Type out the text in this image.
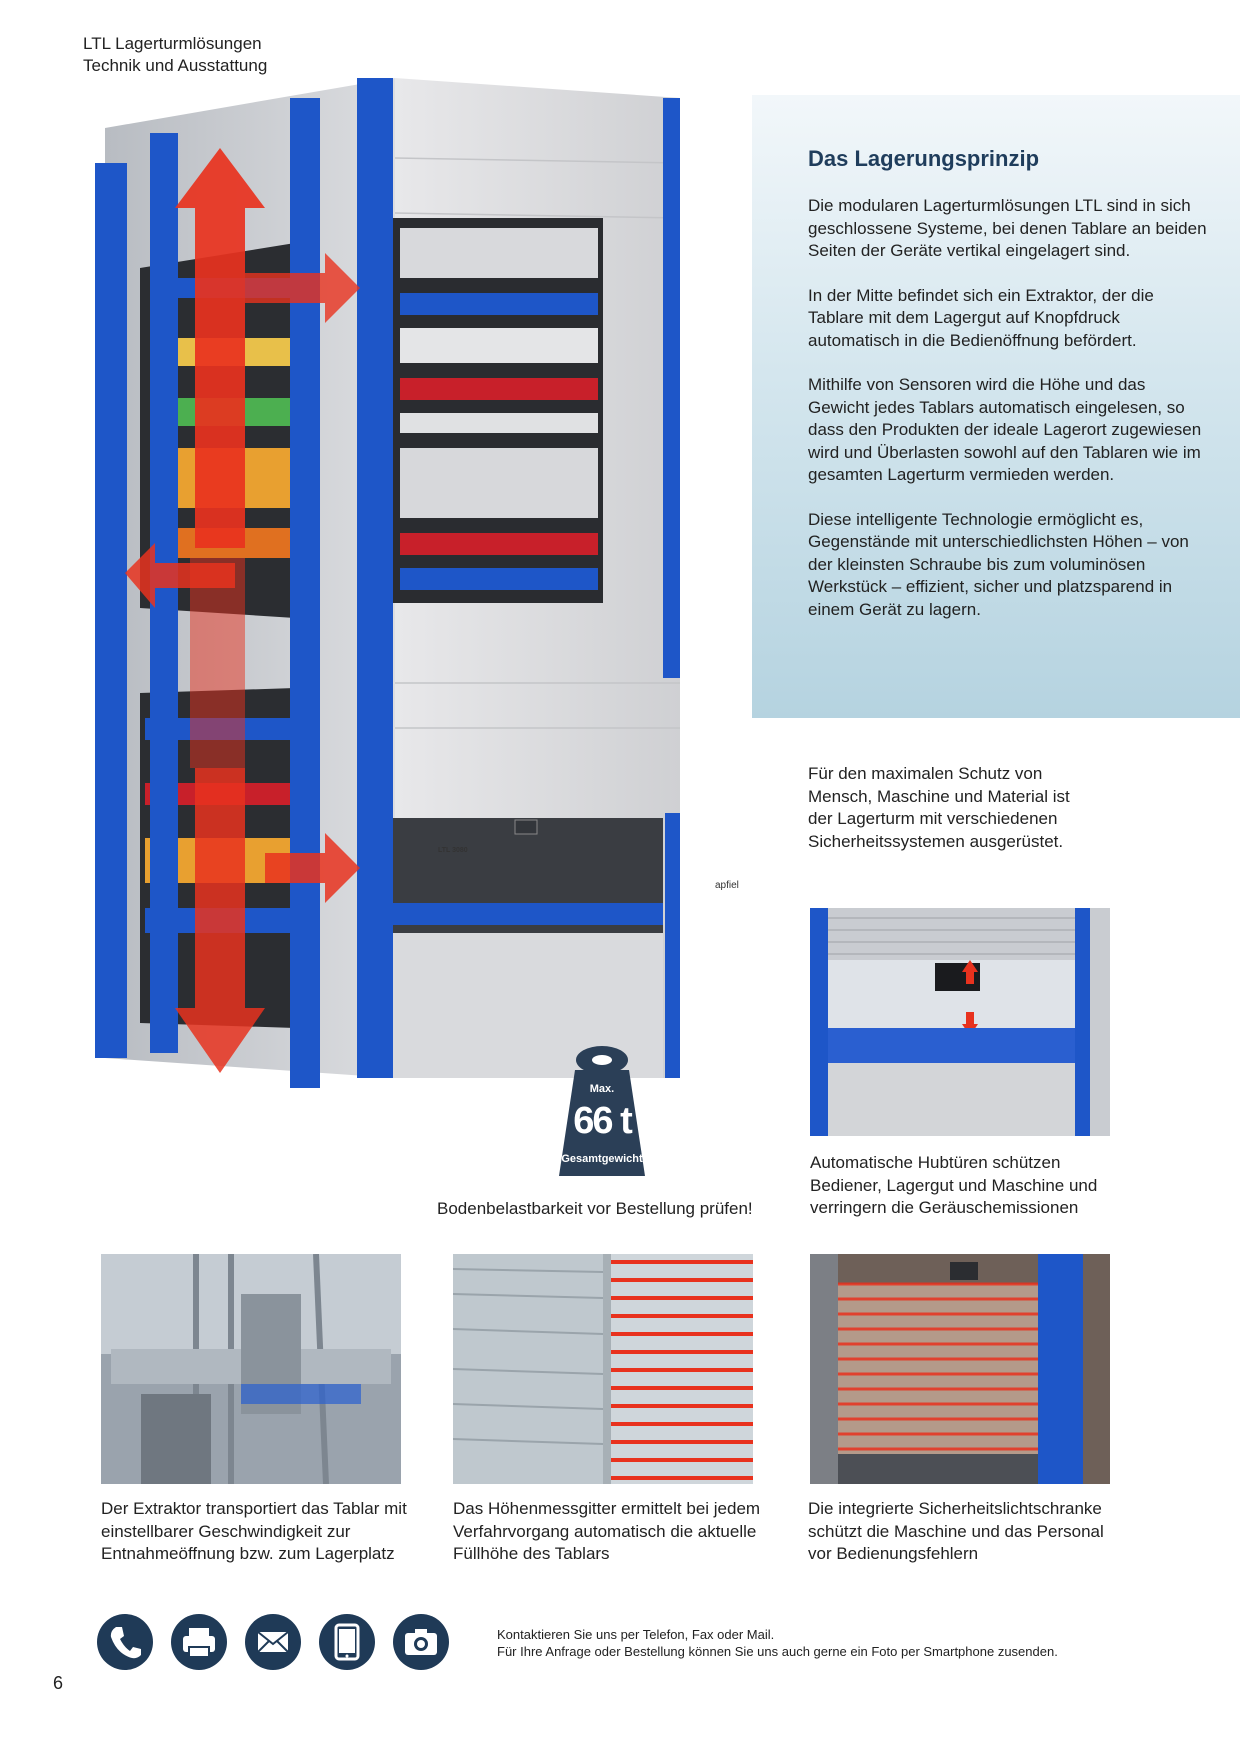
LTL Lagerturmlösungen
Technik und Ausstattung
LTL 3080
apfiel
Max.
66 t
Gesamtgewicht
Bodenbelastbarkeit vor Bestellung prüfen!
Das Lagerungsprinzip

Die modularen Lagerturmlösungen LTL sind in sich geschlossene Systeme, bei denen Tablare an beiden Seiten der Geräte vertikal eingelagert sind.

In der Mitte befindet sich ein Extraktor, der die Tablare mit dem Lagergut auf Knopfdruck automatisch in die Bedienöffnung befördert.

Mithilfe von Sensoren wird die Höhe und das Gewicht jedes Tablars automatisch eingelesen, so dass den Produkten der ideale Lagerort zugewiesen wird und Überlasten sowohl auf den Tablaren wie im gesamten Lagerturm vermieden werden.

Diese intelligente Technologie ermöglicht es, Gegenstände mit unterschiedlichsten Höhen – von der kleinsten Schraube bis zum voluminösen Werkstück – effizient, sicher und platzsparend in einem Gerät zu lagern.

Für den maximalen Schutz von Mensch, Maschine und Material ist der Lagerturm mit verschiedenen Sicherheitssystemen ausgerüstet.
Automatische Hubtüren schützen Bediener, Lagergut und Maschine und verringern die Geräuschemissionen
Der Extraktor transportiert das Tablar mit einstellbarer Geschwindigkeit zur Entnahmeöffnung bzw. zum Lagerplatz
Das Höhenmessgitter ermittelt bei jedem Verfahrvorgang automatisch die aktuelle Füllhöhe des Tablars
Die integrierte Sicherheitslichtschranke schützt die Maschine und das Personal vor Bedienungsfehlern
Kontaktieren Sie uns per Telefon, Fax oder Mail.
Für Ihre Anfrage oder Bestellung können Sie uns auch gerne ein Foto per Smartphone zusenden.
6
